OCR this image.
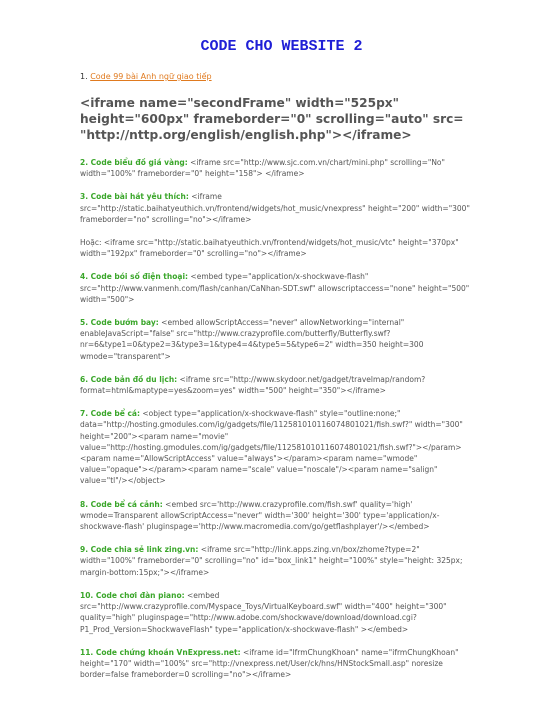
CODE CHO WEBSITE 2

1. Code 99 bài Anh ngữ giao tiếp

<iframe name="secondFrame" width="525px" height="600px" frameborder="0" scrolling="auto" src= "http://nttp.org/english/english.php"></iframe>

2. Code biểu đồ giá vàng: <iframe src="http://www.sjc.com.vn/chart/mini.php" scrolling="No" width="100%" frameborder="0" height="158"> </iframe>

3. Code bài hát yêu thích: <iframe src="http://static.baihatyeuthich.vn/frontend/widgets/hot_music/vnexpress" height="200" width="300" frameborder="no" scrolling="no"></iframe>

Hoặc: <iframe src="http://static.baihatyeuthich.vn/frontend/widgets/hot_music/vtc" height="370px" width="192px" frameborder="0" scrolling="no"></iframe>

4. Code bói số điện thoại: <embed type="application/x-shockwave-flash" src="http://www.vanmenh.com/flash/canhan/CaNhan-SDT.swf" allowscriptaccess="none" height="500" width="500">

5. Code bướm bay: <embed allowScriptAccess="never" allowNetworking="internal" enableJavaScript="false" src="http://www.crazyprofile.com/butterfly/Butterfly.swf?nr=6&type1=0&type2=3&type3=1&type4=4&type5=5&type6=2" width=350 height=300 wmode="transparent">

6. Code bản đồ du lịch: <iframe src="http://www.skydoor.net/gadget/travelmap/random?format=html&maptype=yes&zoom=yes" width="500" height="350"></iframe>

7. Code bể cá: <object type="application/x-shockwave-flash" style="outline:none;" data="http://hosting.gmodules.com/ig/gadgets/file/112581010116074801021/fish.swf?" width="300" height="200"><param name="movie" value="http://hosting.gmodules.com/ig/gadgets/file/112581010116074801021/fish.swf?"></param><param name="AllowScriptAccess" value="always"></param><param name="wmode" value="opaque"></param><param name="scale" value="noscale"/><param name="salign" value="tl"/></object>

8. Code bể cá cảnh: <embed src='http://www.crazyprofile.com/fish.swf' quality='high' wmode=Transparent allowScriptAccess="never" width='300' height='300' type='application/x-shockwave-flash' pluginspage='http://www.macromedia.com/go/getflashplayer'/></embed>

9. Code chia sẻ link zing.vn: <iframe src="http://link.apps.zing.vn/box/zhome?type=2" width="100%" frameborder="0" scrolling="no" id="box_link1" height="100%" style="height: 325px; margin-bottom:15px;"></iframe>

10. Code chơi đàn piano: <embed src="http://www.crazyprofile.com/Myspace_Toys/VirtualKeyboard.swf" width="400" height="300" quality="high" pluginspage="http://www.adobe.com/shockwave/download/download.cgi?P1_Prod_Version=ShockwaveFlash" type="application/x-shockwave-flash" ></embed>

11. Code chứng khoán VnExpress.net: <iframe id="lfrmChungKhoan" name="ifrmChungKhoan" height="170" width="100%" src="http://vnexpress.net/User/ck/hns/HNStockSmall.asp" noresize border=false frameborder=0 scrolling="no"></iframe>
